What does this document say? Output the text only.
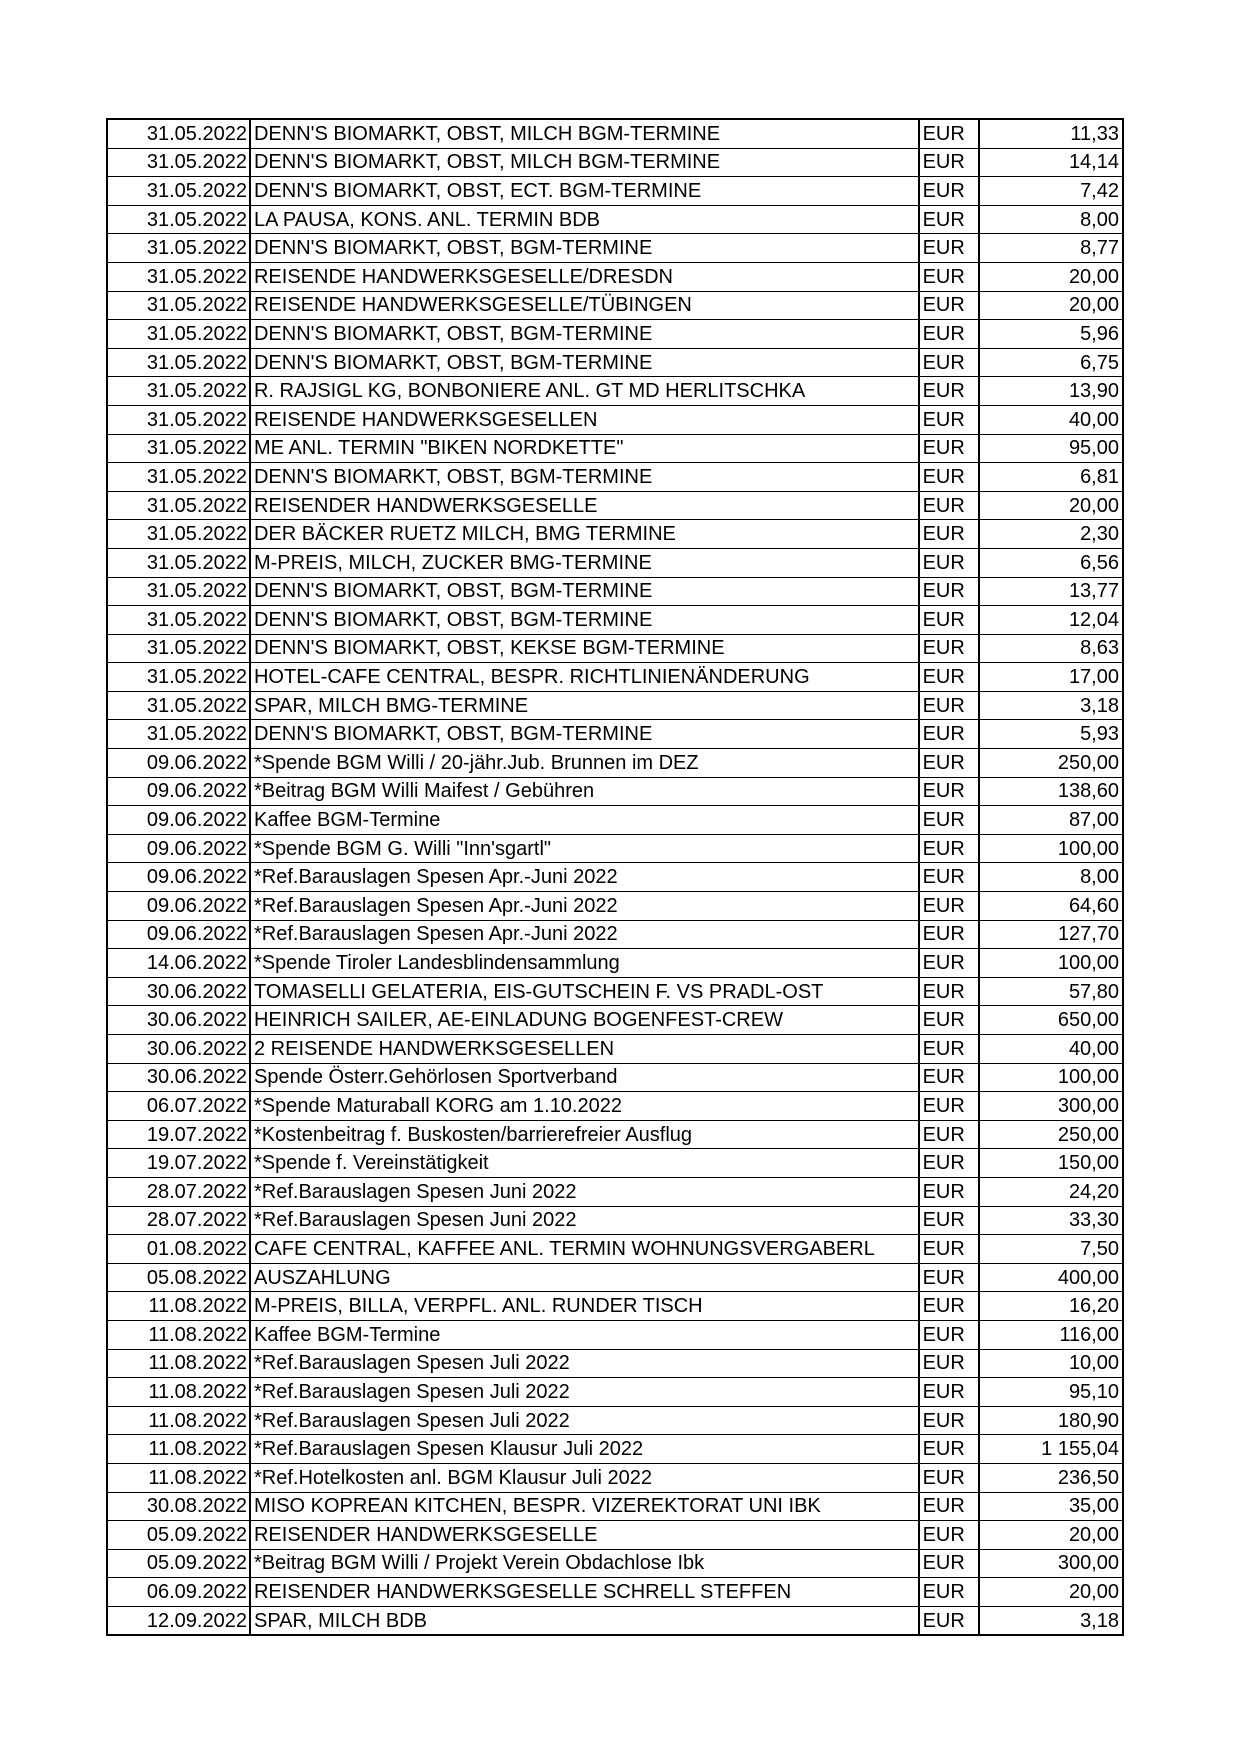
31.05.2022	DENN'S BIOMARKT, OBST, MILCH BGM-TERMINE	EUR	11,33
31.05.2022	DENN'S BIOMARKT, OBST, MILCH BGM-TERMINE	EUR	14,14
31.05.2022	DENN'S BIOMARKT, OBST, ECT. BGM-TERMINE	EUR	7,42
31.05.2022	LA PAUSA, KONS. ANL. TERMIN BDB	EUR	8,00
31.05.2022	DENN'S BIOMARKT, OBST, BGM-TERMINE	EUR	8,77
31.05.2022	REISENDE HANDWERKSGESELLE/DRESDN	EUR	20,00
31.05.2022	REISENDE HANDWERKSGESELLE/TÜBINGEN	EUR	20,00
31.05.2022	DENN'S BIOMARKT, OBST, BGM-TERMINE	EUR	5,96
31.05.2022	DENN'S BIOMARKT, OBST, BGM-TERMINE	EUR	6,75
31.05.2022	R. RAJSIGL KG, BONBONIERE ANL. GT MD HERLITSCHKA	EUR	13,90
31.05.2022	REISENDE HANDWERKSGESELLEN	EUR	40,00
31.05.2022	ME ANL. TERMIN "BIKEN NORDKETTE"	EUR	95,00
31.05.2022	DENN'S BIOMARKT, OBST, BGM-TERMINE	EUR	6,81
31.05.2022	REISENDER HANDWERKSGESELLE	EUR	20,00
31.05.2022	DER BÄCKER RUETZ MILCH, BMG TERMINE	EUR	2,30
31.05.2022	M-PREIS, MILCH, ZUCKER BMG-TERMINE	EUR	6,56
31.05.2022	DENN'S BIOMARKT, OBST, BGM-TERMINE	EUR	13,77
31.05.2022	DENN'S BIOMARKT, OBST, BGM-TERMINE	EUR	12,04
31.05.2022	DENN'S BIOMARKT, OBST, KEKSE BGM-TERMINE	EUR	8,63
31.05.2022	HOTEL-CAFE CENTRAL, BESPR. RICHTLINIENÄNDERUNG	EUR	17,00
31.05.2022	SPAR, MILCH BMG-TERMINE	EUR	3,18
31.05.2022	DENN'S BIOMARKT, OBST, BGM-TERMINE	EUR	5,93
09.06.2022	*Spende BGM Willi / 20-jähr.Jub. Brunnen im DEZ	EUR	250,00
09.06.2022	*Beitrag BGM Willi Maifest / Gebühren	EUR	138,60
09.06.2022	Kaffee BGM-Termine	EUR	87,00
09.06.2022	*Spende BGM G. Willi "Inn'sgartl"	EUR	100,00
09.06.2022	*Ref.Barauslagen Spesen Apr.-Juni 2022	EUR	8,00
09.06.2022	*Ref.Barauslagen Spesen Apr.-Juni 2022	EUR	64,60
09.06.2022	*Ref.Barauslagen Spesen Apr.-Juni 2022	EUR	127,70
14.06.2022	*Spende Tiroler Landesblindensammlung	EUR	100,00
30.06.2022	TOMASELLI GELATERIA, EIS-GUTSCHEIN F. VS PRADL-OST	EUR	57,80
30.06.2022	HEINRICH SAILER, AE-EINLADUNG BOGENFEST-CREW	EUR	650,00
30.06.2022	2 REISENDE HANDWERKSGESELLEN	EUR	40,00
30.06.2022	Spende Österr.Gehörlosen Sportverband	EUR	100,00
06.07.2022	*Spende Maturaball KORG am 1.10.2022	EUR	300,00
19.07.2022	*Kostenbeitrag f. Buskosten/barrierefreier Ausflug	EUR	250,00
19.07.2022	*Spende f. Vereinstätigkeit	EUR	150,00
28.07.2022	*Ref.Barauslagen Spesen Juni 2022	EUR	24,20
28.07.2022	*Ref.Barauslagen Spesen Juni 2022	EUR	33,30
01.08.2022	CAFE CENTRAL, KAFFEE ANL. TERMIN WOHNUNGSVERGABERL	EUR	7,50
05.08.2022	AUSZAHLUNG	EUR	400,00
11.08.2022	M-PREIS, BILLA, VERPFL. ANL. RUNDER TISCH	EUR	16,20
11.08.2022	Kaffee BGM-Termine	EUR	116,00
11.08.2022	*Ref.Barauslagen Spesen Juli 2022	EUR	10,00
11.08.2022	*Ref.Barauslagen Spesen Juli 2022	EUR	95,10
11.08.2022	*Ref.Barauslagen Spesen Juli 2022	EUR	180,90
11.08.2022	*Ref.Barauslagen Spesen Klausur Juli 2022	EUR	1 155,04
11.08.2022	*Ref.Hotelkosten anl. BGM Klausur Juli 2022	EUR	236,50
30.08.2022	MISO KOPREAN KITCHEN, BESPR. VIZEREKTORAT UNI IBK	EUR	35,00
05.09.2022	REISENDER HANDWERKSGESELLE	EUR	20,00
05.09.2022	*Beitrag BGM Willi / Projekt Verein Obdachlose Ibk	EUR	300,00
06.09.2022	REISENDER HANDWERKSGESELLE SCHRELL STEFFEN	EUR	20,00
12.09.2022	SPAR, MILCH BDB	EUR	3,18
